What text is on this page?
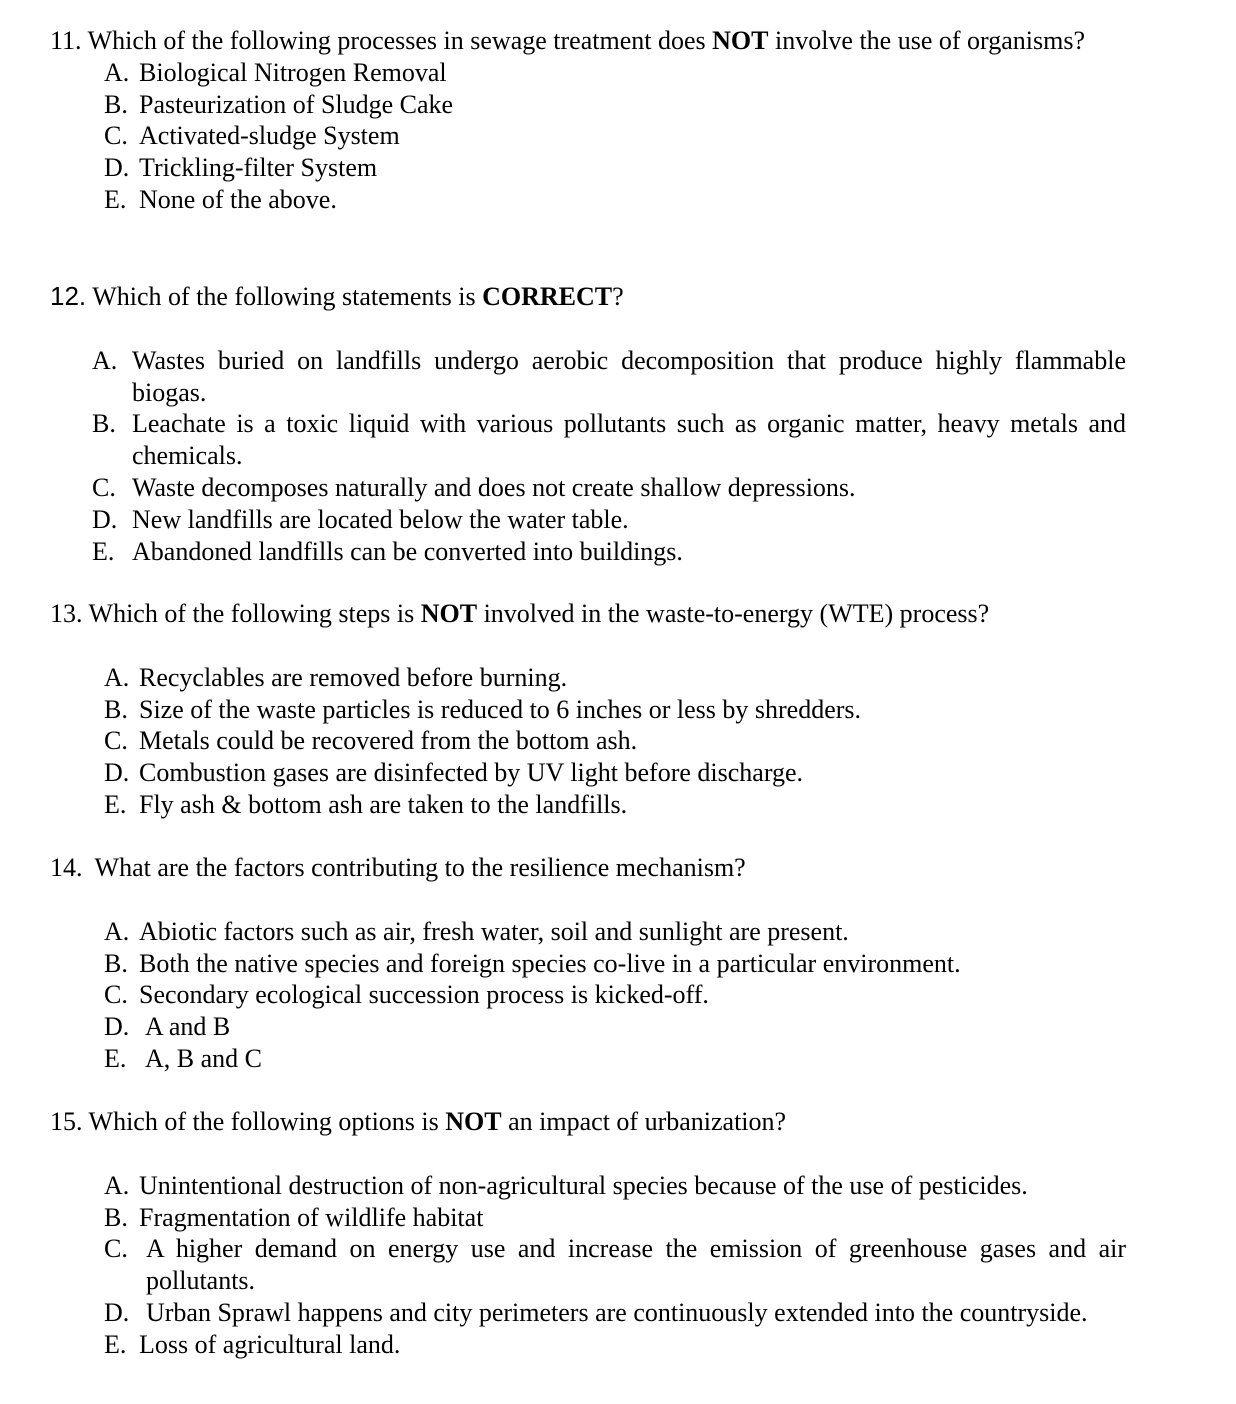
11. Which of the following processes in sewage treatment does NOT involve the use of organisms?
A. Biological Nitrogen Removal
B. Pasteurization of Sludge Cake
C. Activated-sludge System
D. Trickling-filter System
E. None of the above.
12. Which of the following statements is CORRECT?
A. Wastes buried on landfills undergo aerobic decomposition that produce highly flammable biogas.
B. Leachate is a toxic liquid with various pollutants such as organic matter, heavy metals and chemicals.
C. Waste decomposes naturally and does not create shallow depressions.
D. New landfills are located below the water table.
E. Abandoned landfills can be converted into buildings.
13. Which of the following steps is NOT involved in the waste-to-energy (WTE) process?
A. Recyclables are removed before burning.
B. Size of the waste particles is reduced to 6 inches or less by shredders.
C. Metals could be recovered from the bottom ash.
D. Combustion gases are disinfected by UV light before discharge.
E. Fly ash & bottom ash are taken to the landfills.
14. What are the factors contributing to the resilience mechanism?
A. Abiotic factors such as air, fresh water, soil and sunlight are present.
B. Both the native species and foreign species co-live in a particular environment.
C. Secondary ecological succession process is kicked-off.
D. A and B
E. A, B and C
15. Which of the following options is NOT an impact of urbanization?
A. Unintentional destruction of non-agricultural species because of the use of pesticides.
B. Fragmentation of wildlife habitat
C. A higher demand on energy use and increase the emission of greenhouse gases and air pollutants.
D. Urban Sprawl happens and city perimeters are continuously extended into the countryside.
E. Loss of agricultural land.
